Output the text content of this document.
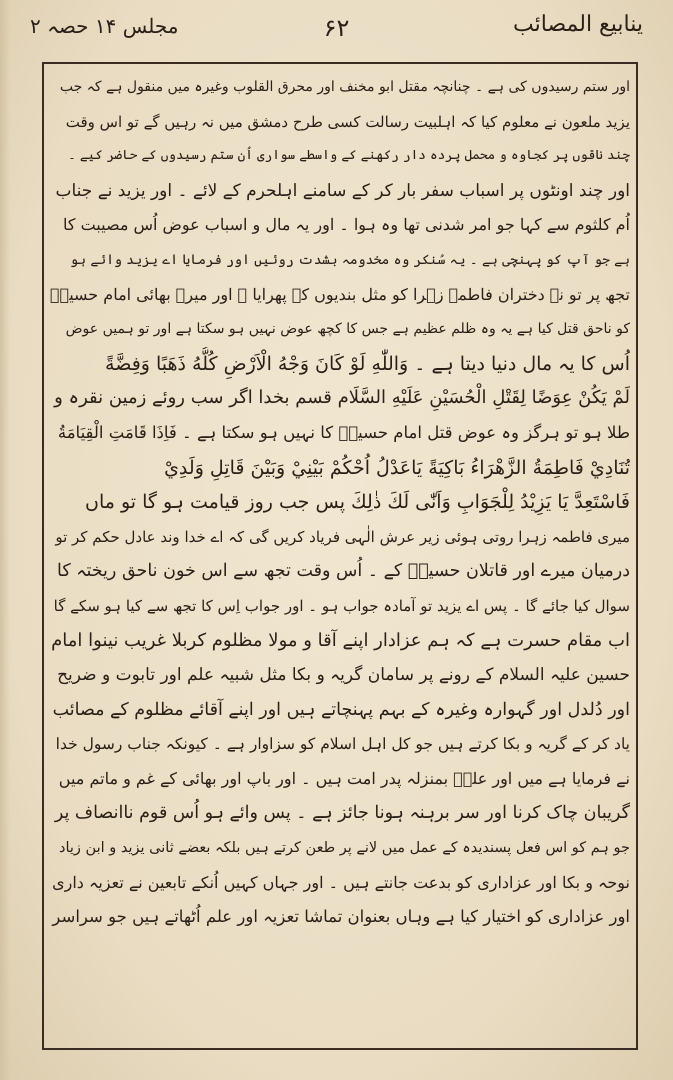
ینابیع المصائب
۶۲
مجلس ۱۴ حصہ ۲
اور ستم رسیدوں کی ہے ۔ چنانچہ مقتل ابو مخنف اور محرق القلوب وغیرہ میں منقول ہے کہ جب
یزید ملعون نے معلوم کیا کہ اہلبیت رسالت کسی طرح دمشق میں نہ رہیں گے تو اس وقت
چند ناقوں پر کجاوہ و محمل پردہ دار رکھنے کے واسطے سواری اُن ستم رسیدوں کے حاضر کیے ۔
اور چند اونٹوں پر اسباب سفر بار کر کے سامنے اہلحرم کے لائے ۔ اور یزید نے جناب
اُم کلثوم سے کہا جو امر شدنی تھا وہ ہوا ۔ اور یہ مال و اسباب عوض اُس مصیبت کا
ہے جو آپ کو پہنچی ہے ۔ یہ سُنکر وہ مخدومہ بشدت روئیں اور فرمایا اے یزید وائے ہو
تجھ پر تو نے دختران فاطمہ زہرا کو مثل بندیوں کے پھرایا ۔ اور میرے بھائی امام حسینؑ
کو ناحق قتل کیا ہے یہ وہ ظلم عظیم ہے جس کا کچھ عوض نہیں ہو سکتا ہے اور تو ہمیں عوض
اُس کا یہ مال دنیا دیتا ہے ۔ وَاللّٰهِ لَوْ كَانَ وَجْهُ الْاَرْضِ كُلُّهُ ذَهَبًا وَفِضَّةً
لَمْ يَكُنْ عِوَضًا لِقَتْلِ الْحُسَيْنِ عَلَيْهِ السَّلَام قسم بخدا اگر سب روئے زمین نقرہ و
طلا ہو تو ہرگز وہ عوض قتل امام حسینؑ کا نہیں ہو سکتا ہے ۔ فَاِذَا قَامَتِ الْقِيَامَةُ
تُنَادِيْ فَاطِمَةُ الزَّهْرَاءُ بَاكِيَةً يَاعَدْلُ اُحْكُمْ بَيْنِيْ وَبَيْنَ قَاتِلِ وَلَدِيْ
فَاسْتَعِدَّ يَا يَزِيْدُ لِلْجَوَابِ وَاَنّٰى لَكَ ذٰلِكَ پس جب روز قیامت ہو گا تو ماں
میری فاطمہ زہرا روتی ہوئی زیر عرش الٰہی فریاد کریں گی کہ اے خدا وند عادل حکم کر تو
درمیان میرے اور قاتلان حسینؑ کے ۔ اُس وقت تجھ سے اس خون ناحق ریختہ کا
سوال کیا جائے گا ۔ پس اے یزید تو آمادہ جواب ہو ۔ اور جواب اِس کا تجھ سے کیا ہو سکے گا
اب مقام حسرت ہے کہ ہم عزادار اپنے آقا و مولا مظلوم کربلا غریب نینوا امام
حسین علیہ السلام کے رونے پر سامان گریہ و بکا مثل شبیہ علم اور تابوت و ضریح
اور دُلدل اور گہوارہ وغیرہ کے بہم پہنچاتے ہیں اور اپنے آقائے مظلوم کے مصائب
یاد کر کے گریہ و بکا کرتے ہیں جو کل اہل اسلام کو سزاوار ہے ۔ کیونکہ جناب رسول خدا
نے فرمایا ہے میں اور علیؑ بمنزلہ پدر امت ہیں ۔ اور باپ اور بھائی کے غم و ماتم میں
گریبان چاک کرنا اور سر برہنہ ہونا جائز ہے ۔ پس وائے ہو اُس قوم ناانصاف پر
جو ہم کو اس فعل پسندیدہ کے عمل میں لانے پر طعن کرتے ہیں بلکہ بعضے ثانی یزید و ابن زیاد
نوحہ و بکا اور عزاداری کو بدعت جانتے ہیں ۔ اور جہاں کہیں اُنکے تابعین نے تعزیہ داری
اور عزاداری کو اختیار کیا ہے وہاں بعنوان تماشا تعزیہ اور علم اُٹھاتے ہیں جو سراسر
